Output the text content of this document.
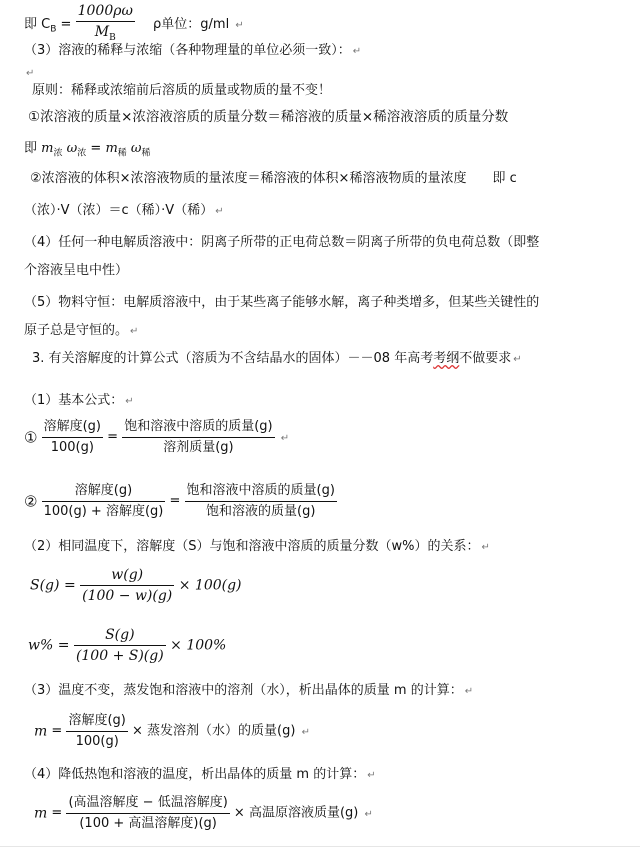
即 $C_B = \frac{1000\rho\omega}{M_B}$ ρ单位：g/ml ↵
（3）溶液的稀释与浓缩（各种物理量的单位必须一致）： ↵
↵
原则：稀释或浓缩前后溶质的质量或物质的量不变！
①浓溶液的质量×浓溶液溶质的质量分数＝稀溶液的质量×稀溶液溶质的质量分数
即 $m_浓$ $\omega_浓 = m_稀$ $\omega_稀$
②浓溶液的体积×浓溶液物质的量浓度＝稀溶液的体积×稀溶液物质的量浓度　　即 c
（浓）·V（浓）＝c（稀）·V（稀） ↵
（4）任何一种电解质溶液中：阴离子所带的正电荷总数＝阴离子所带的负电荷总数（即整
个溶液呈电中性）
（5）物料守恒：电解质溶液中，由于某些离子能够水解，离子种类增多，但某些关键性的
原子总是守恒的。 ↵
3. 有关溶解度的计算公式（溶质为不含结晶水的固体）－－08 年高考考纲不做要求 ↵
（1）基本公式： ↵
① $\frac{\text{溶解度(g)}}{100(g)} = \frac{\text{饱和溶液中溶质的质量(g)}}{\text{溶剂质量(g)}}$ ↵
② $\frac{\text{溶解度(g)}}{\text{100(g) + 溶解度(g)}} = \frac{\text{饱和溶液中溶质的质量(g)}}{\text{饱和溶液的质量(g)}}$
（2）相同温度下，溶解度（S）与饱和溶液中溶质的质量分数（w%）的关系： ↵
$S(g) = \frac{w(g)}{(100 - w)(g)} \times 100(g)$
$w\% = \frac{S(g)}{(100 + S)(g)} \times 100\%$
（3）温度不变，蒸发饱和溶液中的溶剂（水），析出晶体的质量 m 的计算： ↵
$m = \frac{\text{溶解度(g)}}{100(g)}$ × 蒸发溶剂（水）的质量(g) ↵
（4）降低热饱和溶液的温度，析出晶体的质量 m 的计算： ↵
$m = \frac{\text{(高温溶解度 − 低温溶解度)}}{\text{(100 + 高温溶解度)(g)}}$ × 高温原溶液质量(g) ↵
